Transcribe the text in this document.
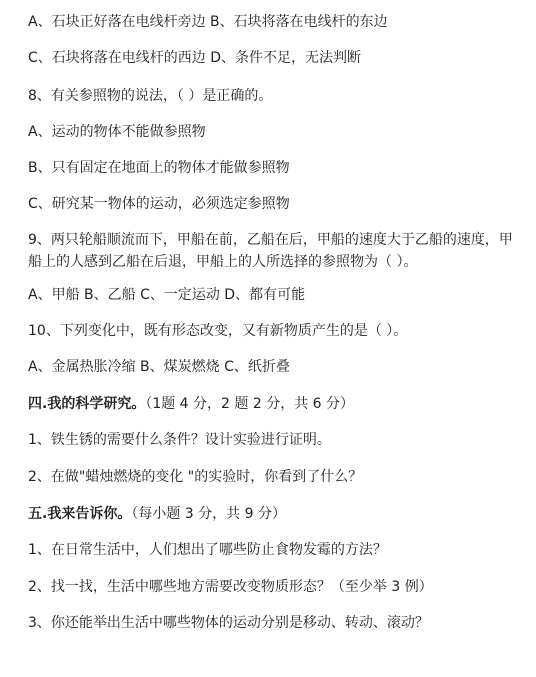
A、石块正好落在电线杆旁边 B、石块将落在电线杆的东边
C、石块将落在电线杆的西边 D、条件不足，无法判断
8、有关参照物的说法，（ ）是正确的。
A、运动的物体不能做参照物
B、只有固定在地面上的物体才能做参照物
C、研究某一物体的运动，必须选定参照物
9、两只轮船顺流而下，甲船在前，乙船在后，甲船的速度大于乙船的速度，甲船上的人感到乙船在后退，甲船上的人所选择的参照物为（ ）。
A、甲船 B、乙船 C、一定运动 D、都有可能
10、下列变化中，既有形态改变，又有新物质产生的是（ ）。
A、金属热胀冷缩 B、煤炭燃烧 C、纸折叠
四.我的科学研究。（1题 4 分，2 题 2 分，共 6 分）
1、铁生锈的需要什么条件？设计实验进行证明。
2、在做"蜡烛燃烧的变化 "的实验时，你看到了什么？
五.我来告诉你。（每小题 3 分，共 9 分）
1、在日常生活中，人们想出了哪些防止食物发霉的方法？
2、找一找，生活中哪些地方需要改变物质形态？（至少举 3 例）
3、你还能举出生活中哪些物体的运动分别是移动、转动、滚动？
